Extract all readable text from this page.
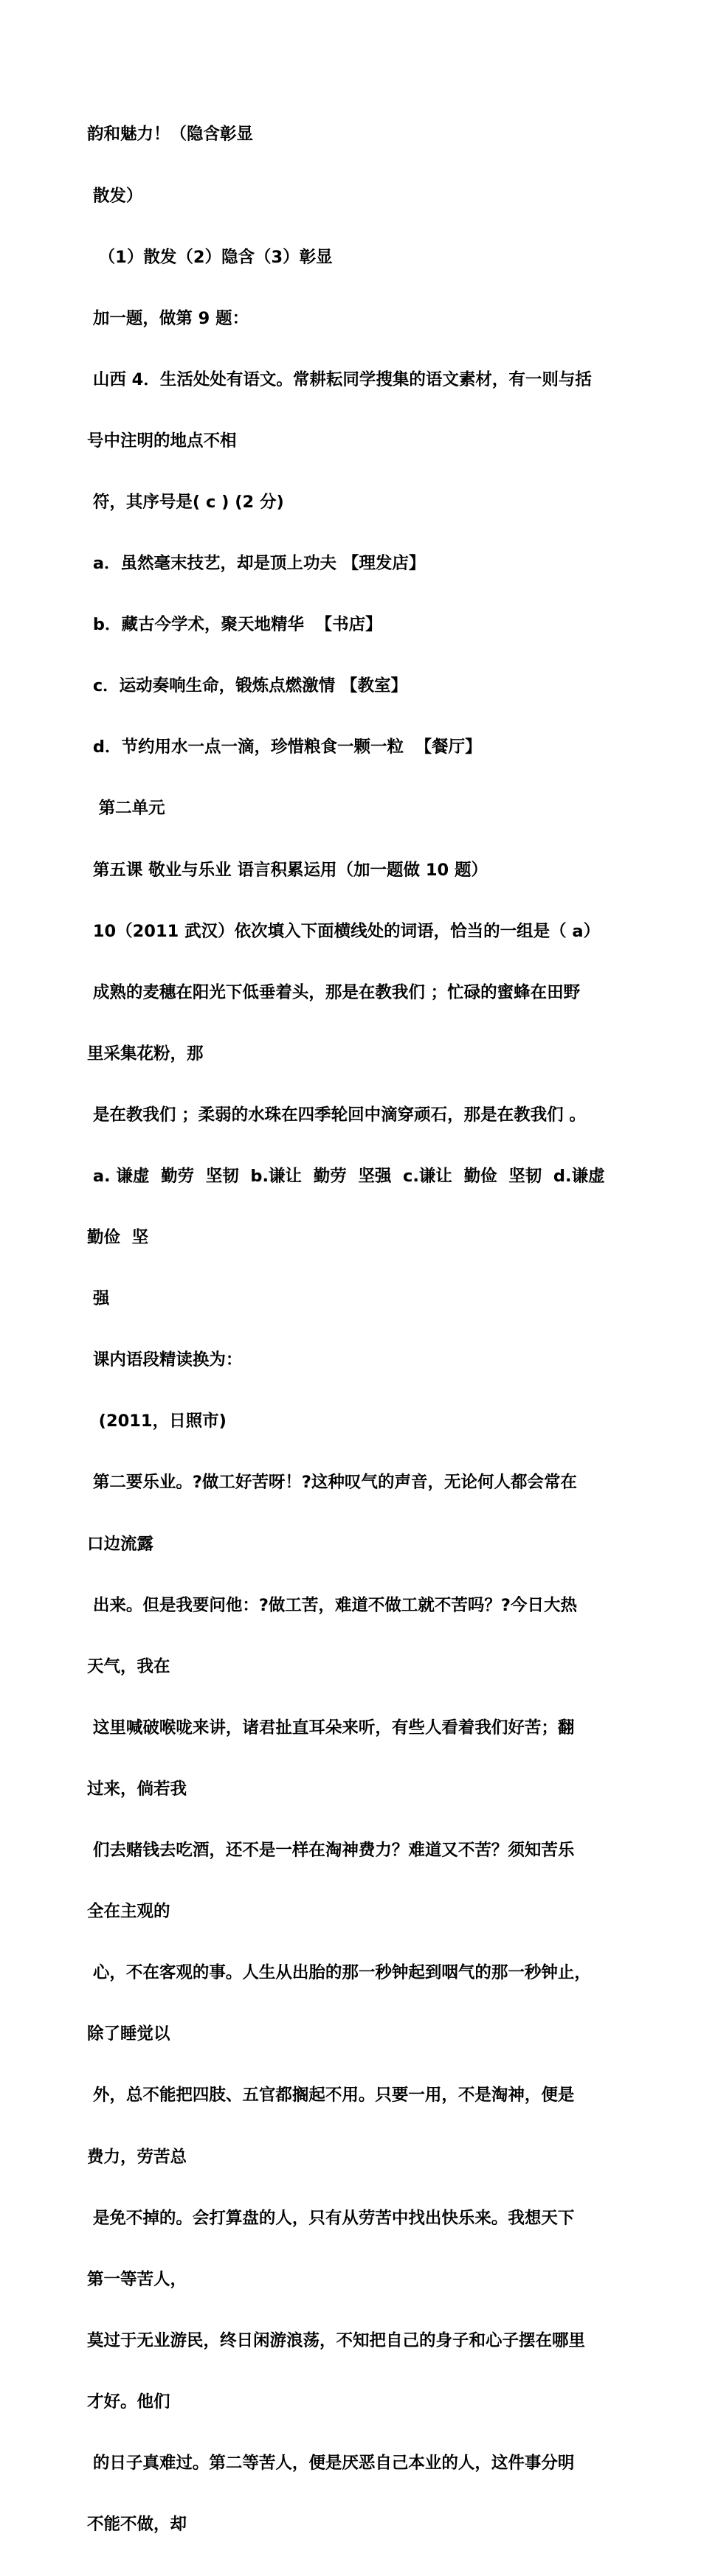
韵和魅力！（隐含彰显

散发）

（1）散发（2）隐含（3）彰显

加一题，做第 9 题：

山西 4．生活处处有语文。常耕耘同学搜集的语文素材，有一则与括

号中注明的地点不相

符，其序号是( c ) (2 分)

a．虽然毫末技艺，却是顶上功夫 【理发店】

b．藏古今学术，聚天地精华  【书店】

c．运动奏响生命，锻炼点燃激情 【教室】

d．节约用水一点一滴，珍惜粮食一颗一粒  【餐厅】

第二单元

第五课 敬业与乐业 语言积累运用（加一题做 10 题）

10（2011 武汉）依次填入下面横线处的词语，恰当的一组是（ a）

成熟的麦穗在阳光下低垂着头，那是在教我们 ；忙碌的蜜蜂在田野

里采集花粉，那

是在教我们 ；柔弱的水珠在四季轮回中滴穿顽石，那是在教我们 。

a. 谦虚  勤劳  坚韧  b.谦让  勤劳  坚强  c.谦让  勤俭  坚韧  d.谦虚

勤俭  坚

强

课内语段精读换为：

(2011，日照市)

第二要乐业。?做工好苦呀！?这种叹气的声音，无论何人都会常在

口边流露

出来。但是我要问他：?做工苦，难道不做工就不苦吗？?今日大热

天气，我在

这里喊破喉咙来讲，诸君扯直耳朵来听，有些人看着我们好苦；翻

过来，倘若我

们去赌钱去吃酒，还不是一样在淘神费力？难道又不苦？须知苦乐

全在主观的

心，不在客观的事。人生从出胎的那一秒钟起到咽气的那一秒钟止，

除了睡觉以

外，总不能把四肢、五官都搁起不用。只要一用，不是淘神，便是

费力，劳苦总

是免不掉的。会打算盘的人，只有从劳苦中找出快乐来。我想天下

第一等苦人，

莫过于无业游民，终日闲游浪荡，不知把自己的身子和心子摆在哪里

才好。他们

的日子真难过。第二等苦人，便是厌恶自己本业的人，这件事分明

不能不做，却
